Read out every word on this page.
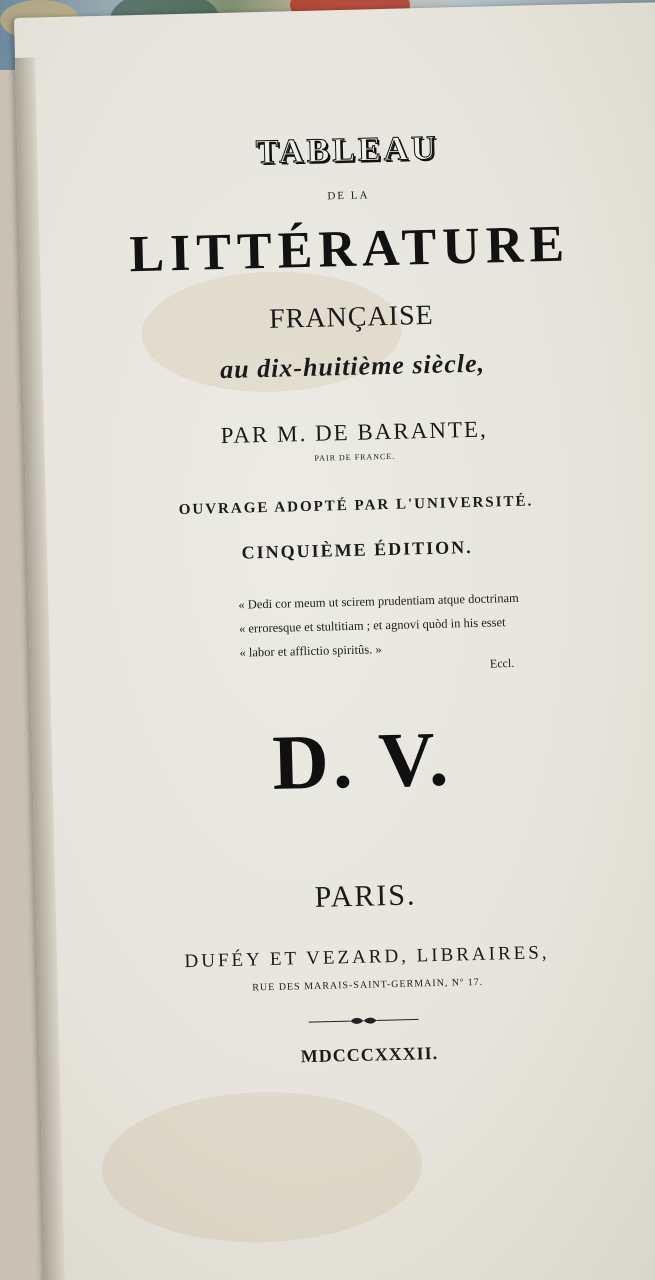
TABLEAU
DE LA
LITTÉRATURE
FRANÇAISE
au dix-huitième siècle,
PAR M. DE BARANTE,
PAIR DE FRANCE.
OUVRAGE ADOPTÉ PAR L'UNIVERSITÉ.
CINQUIÈME ÉDITION.
« Dedi cor meum ut scirem prudentiam atque doctrinam
« erroresque et stultitiam ; et agnovi quòd in his esset
« labor et afflictio spiritûs. »
Eccl.
D. V.
PARIS.
DUFÉY ET VEZARD, LIBRAIRES,
RUE DES MARAIS-SAINT-GERMAIN, Nº 17.
MDCCCXXXII.
